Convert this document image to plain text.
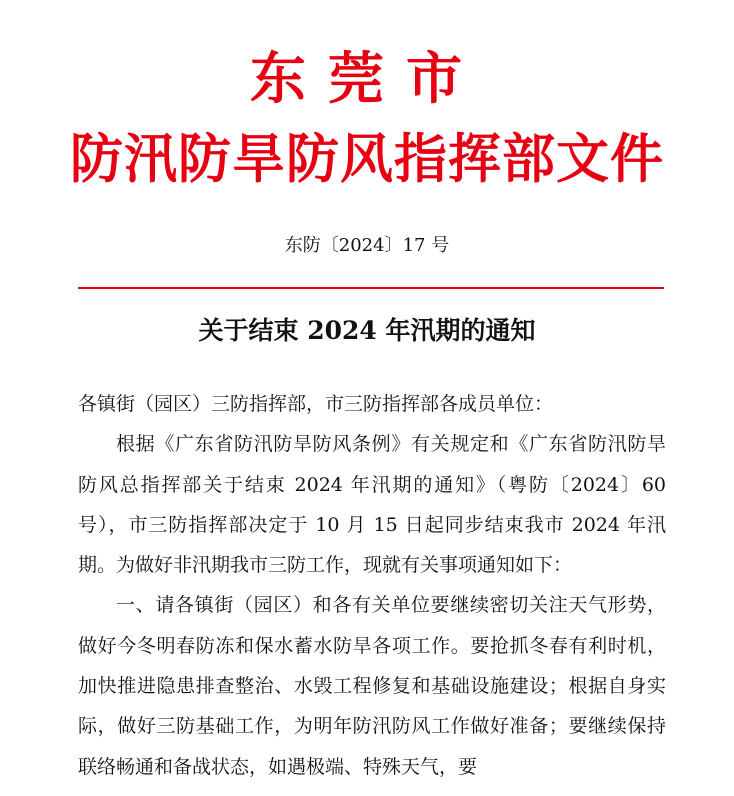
东莞市
防汛防旱防风指挥部文件
东防〔2024〕17 号
关于结束 2024 年汛期的通知

各镇街（园区）三防指挥部，市三防指挥部各成员单位：

根据《广东省防汛防旱防风条例》有关规定和《广东省防汛防旱防风总指挥部关于结束 2024 年汛期的通知》（粤防〔2024〕60 号），市三防指挥部决定于 10 月 15 日起同步结束我市 2024 年汛期。为做好非汛期我市三防工作，现就有关事项通知如下：

一、请各镇街（园区）和各有关单位要继续密切关注天气形势，做好今冬明春防冻和保水蓄水防旱各项工作。要抢抓冬春有利时机，加快推进隐患排查整治、水毁工程修复和基础设施建设；根据自身实际，做好三防基础工作，为明年防汛防风工作做好准备；要继续保持联络畅通和备战状态，如遇极端、特殊天气，要
